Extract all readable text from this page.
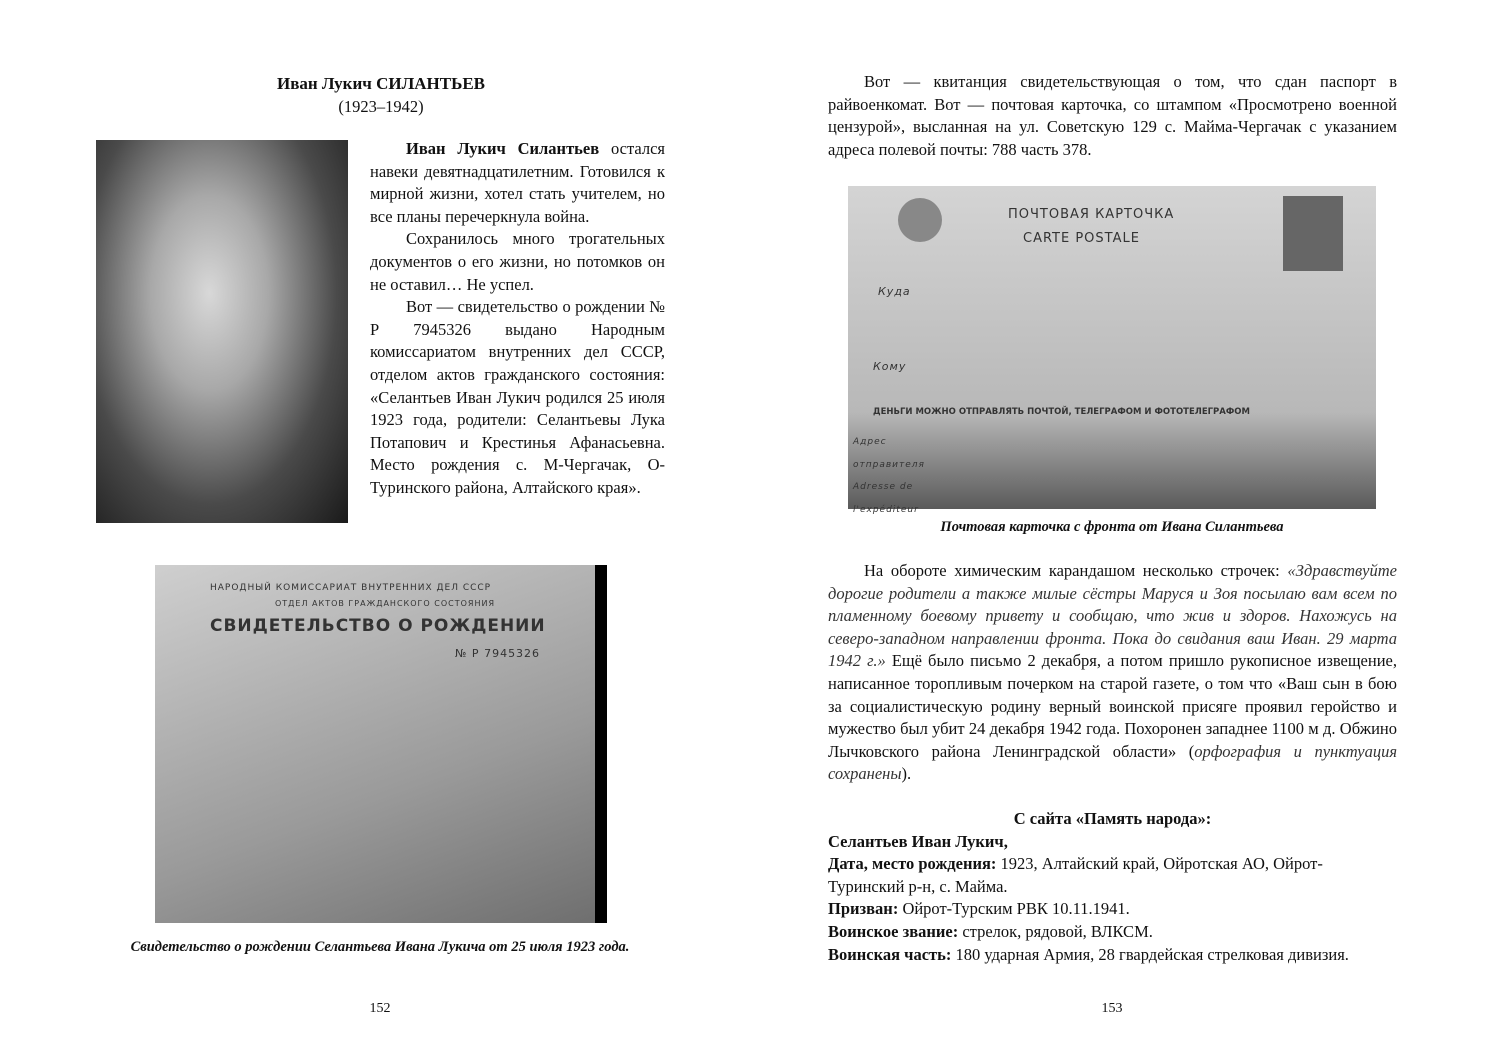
Иван Лукич СИЛАНТЬЕВ

(1923–1942)

Иван Лукич Силантьев остался навеки девятнадцатилетним. Готовился к мирной жизни, хотел стать учителем, но все планы перечеркнула война.

Сохранилось много трогательных документов о его жизни, но потомков он не оставил… Не успел.

Вот — свидетельство о рождении № Р 7945326 выдано Народным комиссариатом внутренних дел СССР, отделом актов гражданского состояния: «Селантьев Иван Лукич родился 25 июля 1923 года, родители: Селантьевы Лука Потапович и Крестинья Афанасьевна. Место рождения с. М-Чергачак, О-Туринского района, Алтайского края».

НАРОДНЫЙ КОМИССАРИАТ ВНУТРЕННИХ ДЕЛ СССР
ОТДЕЛ АКТОВ ГРАЖДАНСКОГО СОСТОЯНИЯ
СВИДЕТЕЛЬСТВО О РОЖДЕНИИ
№ Р 7945326

Свидетельство о рождении Селантьева Ивана Лукича от 25 июля 1923 года.

152

Вот — квитанция свидетельствующая о том, что сдан паспорт в райвоенкомат. Вот — почтовая карточка, со штампом «Просмотрено военной цензурой», высланная на ул. Советскую 129 с. Майма-Чергачак с указанием адреса полевой почты: 788 часть 378.

ПОЧТОВАЯ КАРТОЧКА
CARTE POSTALE
Куда
Кому
ДЕНЬГИ МОЖНО ОТПРАВЛЯТЬ ПОЧТОЙ, ТЕЛЕГРАФОМ И ФОТОТЕЛЕГРАФОМ
Адрес отправителя Adresse de l'expéditeur

Почтовая карточка с фронта от Ивана Силантьева

На обороте химическим карандашом несколько строчек: «Здравствуйте дорогие родители а также милые сёстры Маруся и Зоя посылаю вам всем по пламенному боевому привету и сообщаю, что жив и здоров. Нахожусь на северо-западном направлении фронта. Пока до свидания ваш Иван. 29 марта 1942 г.» Ещё было письмо 2 декабря, а потом пришло рукописное извещение, написанное торопливым почерком на старой газете, о том что «Ваш сын в бою за социалистическую родину верный воинской присяге проявил геройство и мужество был убит 24 декабря 1942 года. Похоронен западнее 1100 м д. Обжино Лычковского района Ленинградской области» (орфография и пунктуация сохранены).

С сайта «Память народа»:

Селантьев Иван Лукич,

Дата, место рождения: 1923, Алтайский край, Ойротская АО, Ойрот-Туринский р-н, с. Майма.

Призван: Ойрот-Турским РВК 10.11.1941.

Воинское звание: стрелок, рядовой, ВЛКСМ.

Воинская часть: 180 ударная Армия, 28 гвардейская стрелковая дивизия.

153
